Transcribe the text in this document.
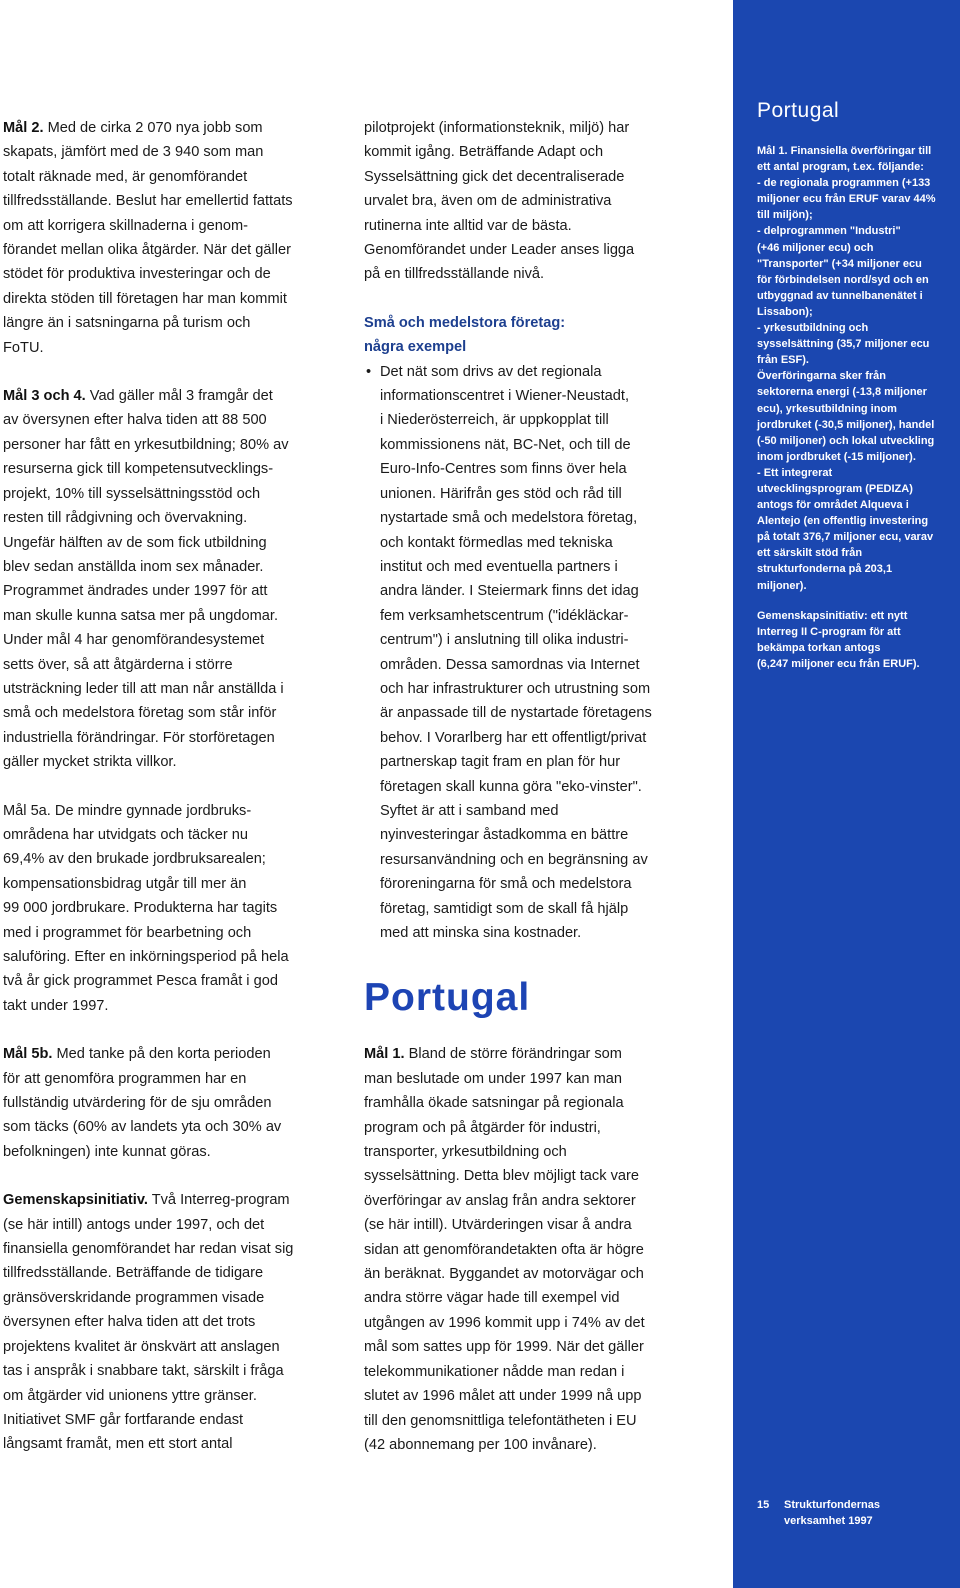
Mål 2. Med de cirka 2 070 nya jobb som
skapats, jämfört med de 3 940 som man
totalt räknade med, är genomförandet
tillfredsställande. Beslut har emellertid fattats
om att korrigera skillnaderna i genom-
förandet mellan olika åtgärder. När det gäller
stödet för produktiva investeringar och de
direkta stöden till företagen har man kommit
längre än i satsningarna på turism och
FoTU.

Mål 3 och 4. Vad gäller mål 3 framgår det
av översynen efter halva tiden att 88 500
personer har fått en yrkesutbildning; 80% av
resurserna gick till kompetensutvecklings-
projekt, 10% till sysselsättningsstöd och
resten till rådgivning och övervakning.
Ungefär hälften av de som fick utbildning
blev sedan anställda inom sex månader.
Programmet ändrades under 1997 för att
man skulle kunna satsa mer på ungdomar.
Under mål 4 har genomförandesystemet
setts över, så att åtgärderna i större
utsträckning leder till att man når anställda i
små och medelstora företag som står inför
industriella förändringar. För storföretagen
gäller mycket strikta villkor.

Mål 5a. De mindre gynnade jordbruks-
områdena har utvidgats och täcker nu
69,4% av den brukade jordbruksarealen;
kompensationsbidrag utgår till mer än
99 000 jordbrukare. Produkterna har tagits
med i programmet för bearbetning och
saluföring. Efter en inkörningsperiod på hela
två år gick programmet Pesca framåt i god
takt under 1997.

Mål 5b. Med tanke på den korta perioden
för att genomföra programmen har en
fullständig utvärdering för de sju områden
som täcks (60% av landets yta och 30% av
befolkningen) inte kunnat göras.

Gemenskapsinitiativ. Två Interreg-program
(se här intill) antogs under 1997, och det
finansiella genomförandet har redan visat sig
tillfredsställande. Beträffande de tidigare
gränsöverskridande programmen visade
översynen efter halva tiden att det trots
projektens kvalitet är önskvärt att anslagen
tas i anspråk i snabbare takt, särskilt i fråga
om åtgärder vid unionens yttre gränser.
Initiativet SMF går fortfarande endast
långsamt framåt, men ett stort antal

pilotprojekt (informationsteknik, miljö) har
kommit igång. Beträffande Adapt och
Sysselsättning gick det decentraliserade
urvalet bra, även om de administrativa
rutinerna inte alltid var de bästa.
Genomförandet under Leader anses ligga
på en tillfredsställande nivå.

Små och medelstora företag:
några exempel

• Det nät som drivs av det regionala
informationscentret i Wiener-Neustadt,
i Niederösterreich, är uppkopplat till
kommissionens nät, BC-Net, och till de
Euro-Info-Centres som finns över hela
unionen. Härifrån ges stöd och råd till
nystartade små och medelstora företag,
och kontakt förmedlas med tekniska
institut och med eventuella partners i
andra länder. I Steiermark finns det idag
fem verksamhetscentrum ("idékläckar-
centrum") i anslutning till olika industri-
områden. Dessa samordnas via Internet
och har infrastrukturer och utrustning som
är anpassade till de nystartade företagens
behov. I Vorarlberg har ett offentligt/privat
partnerskap tagit fram en plan för hur
företagen skall kunna göra "eko-vinster".
Syftet är att i samband med
nyinvesteringar åstadkomma en bättre
resursanvändning och en begränsning av
föroreningarna för små och medelstora
företag, samtidigt som de skall få hjälp
med att minska sina kostnader.

Portugal

Mål 1. Bland de större förändringar som
man beslutade om under 1997 kan man
framhålla ökade satsningar på regionala
program och på åtgärder för industri,
transporter, yrkesutbildning och
sysselsättning. Detta blev möjligt tack vare
överföringar av anslag från andra sektorer
(se här intill). Utvärderingen visar å andra
sidan att genomförandetakten ofta är högre
än beräknat. Byggandet av motorvägar och
andra större vägar hade till exempel vid
utgången av 1996 kommit upp i 74% av det
mål som sattes upp för 1999. När det gäller
telekommunikationer nådde man redan i
slutet av 1996 målet att under 1999 nå upp
till den genomsnittliga telefontätheten i EU
(42 abonnemang per 100 invånare).

Portugal
Mål 1. Finansiella överföringar till
ett antal program, t.ex. följande:
- de regionala programmen (+133
miljoner ecu från ERUF varav 44%
till miljön);
- delprogrammen "Industri"
(+46 miljoner ecu) och
"Transporter" (+34 miljoner ecu
för förbindelsen nord/syd och en
utbyggnad av tunnelbanenätet i
Lissabon);
- yrkesutbildning och
sysselsättning (35,7 miljoner ecu
från ESF).
Överföringarna sker från
sektorerna energi (-13,8 miljoner
ecu), yrkesutbildning inom
jordbruket (-30,5 miljoner), handel
(-50 miljoner) och lokal utveckling
inom jordbruket (-15 miljoner).
- Ett integrerat
utvecklingsprogram (PEDIZA)
antogs för området Alqueva i
Alentejo (en offentlig investering
på totalt 376,7 miljoner ecu, varav
ett särskilt stöd från
strukturfonderna på 203,1
miljoner).
Gemenskapsinitiativ: ett nytt
Interreg II C-program för att
bekämpa torkan antogs
(6,247 miljoner ecu från ERUF).
15 Strukturfondernas
verksamhet 1997
